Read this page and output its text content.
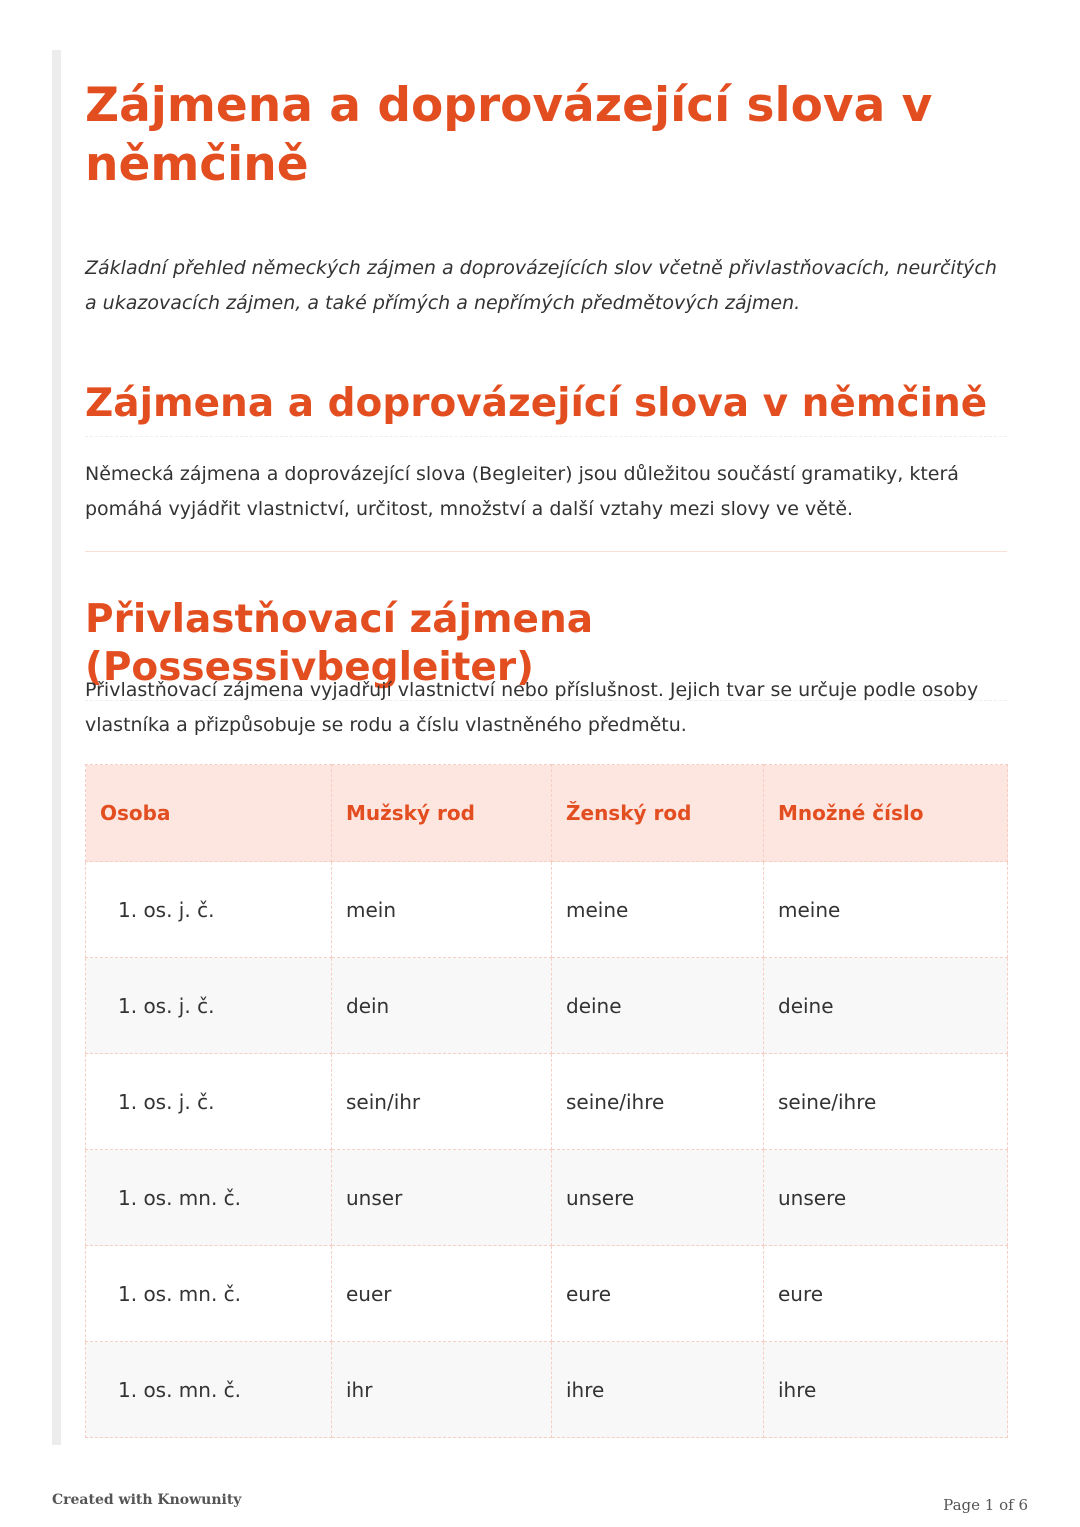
Zájmena a doprovázející slova v němčině

Základní přehled německých zájmen a doprovázejících slov včetně přivlastňovacích, neurčitých a ukazovacích zájmen, a také přímých a nepřímých předmětových zájmen.

Zájmena a doprovázející slova v němčině

Německá zájmena a doprovázející slova (Begleiter) jsou důležitou součástí gramatiky, která pomáhá vyjádřit vlastnictví, určitost, množství a další vztahy mezi slovy ve větě.

Přivlastňovací zájmena (Possessivbegleiter)

Přivlastňovací zájmena vyjadřují vlastnictví nebo příslušnost. Jejich tvar se určuje podle osoby vlastníka a přizpůsobuje se rodu a číslu vlastněného předmětu.

Osoba	Mužský rod	Ženský rod	Množné číslo
1. os. j. č.	mein	meine	meine
1. os. j. č.	dein	deine	deine
1. os. j. č.	sein/ihr	seine/ihre	seine/ihre
1. os. mn. č.	unser	unsere	unsere
1. os. mn. č.	euer	eure	eure
1. os. mn. č.	ihr	ihre	ihre
Created with Knowunity	Page 1 of 6
